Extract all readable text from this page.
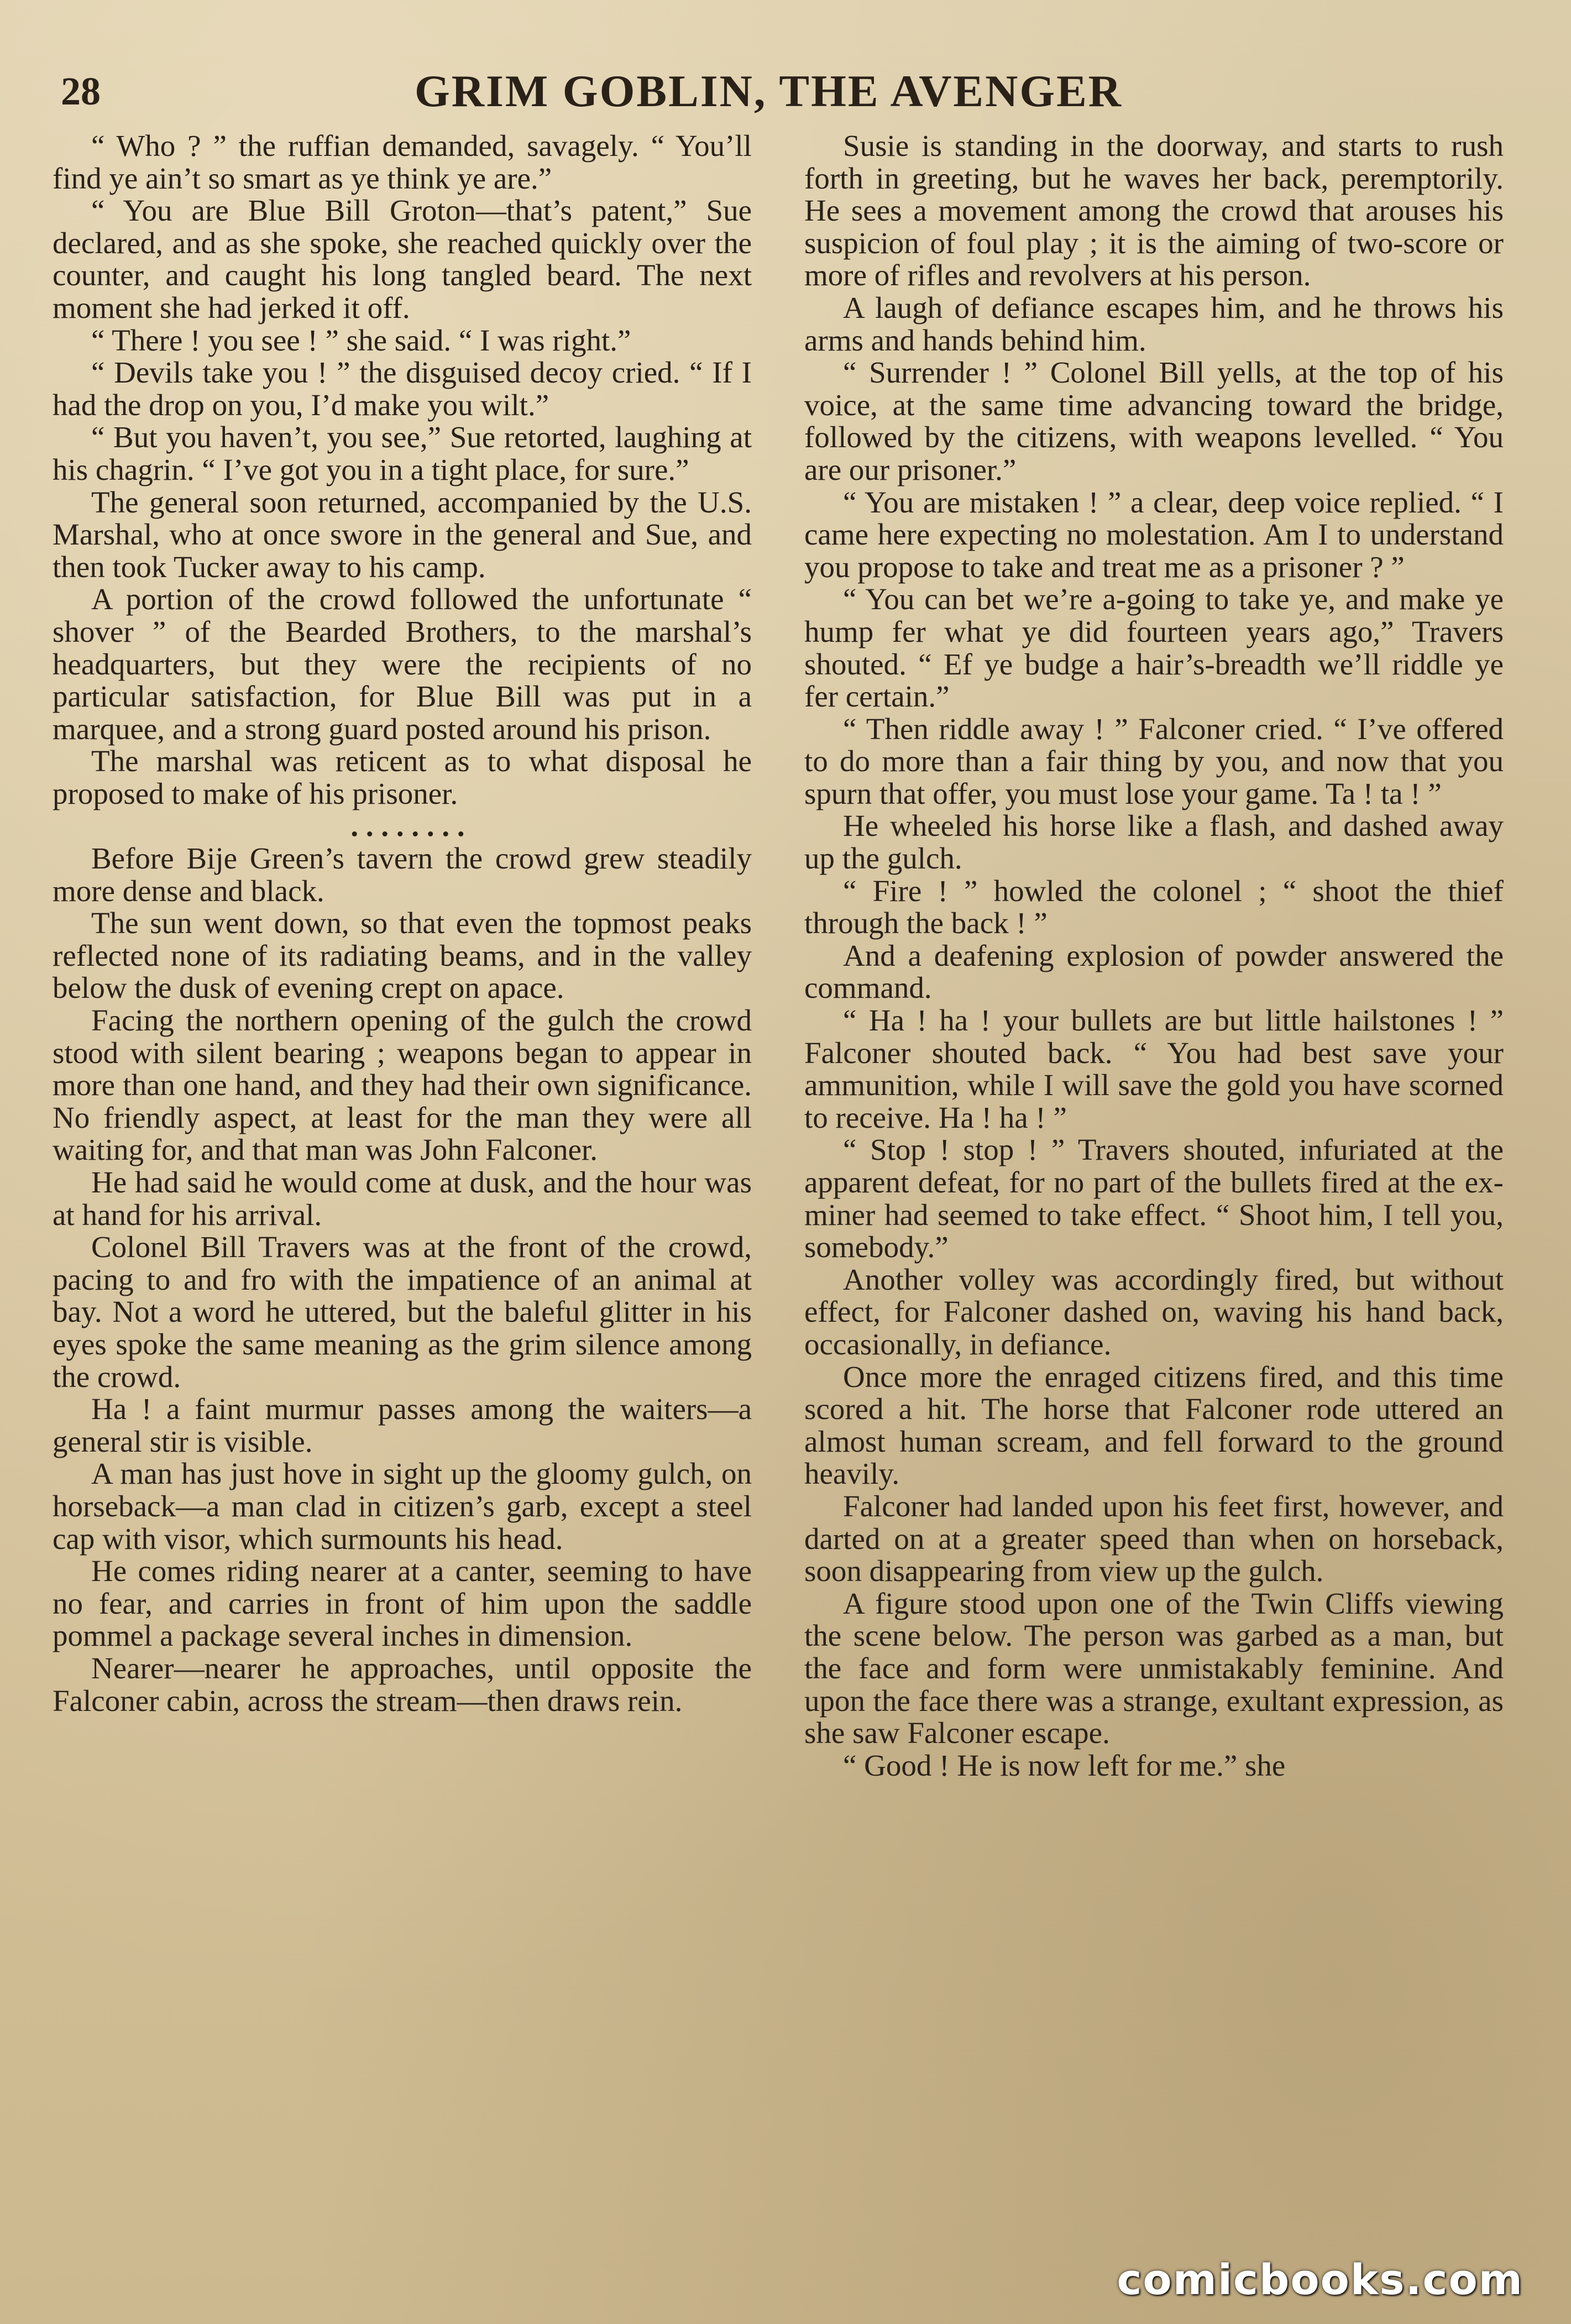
28	GRIM GOBLIN, THE AVENGER

“ Who ? ” the ruffian demanded, savagely. “ You’ll find ye ain’t so smart as ye think ye are.”

“ You are Blue Bill Groton—that’s patent,” Sue declared, and as she spoke, she reached quickly over the counter, and caught his long tangled beard. The next moment she had jerked it off.

“ There ! you see ! ” she said. “ I was right.”

“ Devils take you ! ” the disguised decoy cried. “ If I had the drop on you, I’d make you wilt.”

“ But you haven’t, you see,” Sue retorted, laughing at his chagrin. “ I’ve got you in a tight place, for sure.”

The general soon returned, accompanied by the U.S. Marshal, who at once swore in the general and Sue, and then took Tucker away to his camp.

A portion of the crowd followed the unfortunate “ shover ” of the Bearded Brothers, to the marshal’s headquarters, but they were the recipients of no particular satisfaction, for Blue Bill was put in a marquee, and a strong guard posted around his prison.

The marshal was reticent as to what disposal he proposed to make of his prisoner.

. . . . . . . .

Before Bije Green’s tavern the crowd grew steadily more dense and black.

The sun went down, so that even the topmost peaks reflected none of its radiating beams, and in the valley below the dusk of evening crept on apace.

Facing the northern opening of the gulch the crowd stood with silent bearing ; weapons began to appear in more than one hand, and they had their own significance. No friendly aspect, at least for the man they were all waiting for, and that man was John Falconer.

He had said he would come at dusk, and the hour was at hand for his arrival.

Colonel Bill Travers was at the front of the crowd, pacing to and fro with the impatience of an animal at bay. Not a word he uttered, but the baleful glitter in his eyes spoke the same meaning as the grim silence among the crowd.

Ha ! a faint murmur passes among the waiters—a general stir is visible.

A man has just hove in sight up the gloomy gulch, on horseback—a man clad in citizen’s garb, except a steel cap with visor, which surmounts his head.

He comes riding nearer at a canter, seeming to have no fear, and carries in front of him upon the saddle pommel a package several inches in dimension.

Nearer—nearer he approaches, until opposite the Falconer cabin, across the stream—then draws rein.

Susie is standing in the doorway, and starts to rush forth in greeting, but he waves her back, peremptorily. He sees a movement among the crowd that arouses his suspicion of foul play ; it is the aiming of two-score or more of rifles and revolvers at his person.

A laugh of defiance escapes him, and he throws his arms and hands behind him.

“ Surrender ! ” Colonel Bill yells, at the top of his voice, at the same time advancing toward the bridge, followed by the citizens, with weapons levelled. “ You are our prisoner.”

“ You are mistaken ! ” a clear, deep voice replied. “ I came here expecting no molestation. Am I to understand you propose to take and treat me as a prisoner ? ”

“ You can bet we’re a-going to take ye, and make ye hump fer what ye did fourteen years ago,” Travers shouted. “ Ef ye budge a hair’s-breadth we’ll riddle ye fer certain.”

“ Then riddle away ! ” Falconer cried. “ I’ve offered to do more than a fair thing by you, and now that you spurn that offer, you must lose your game. Ta ! ta ! ”

He wheeled his horse like a flash, and dashed away up the gulch.

“ Fire ! ” howled the colonel ; “ shoot the thief through the back ! ”

And a deafening explosion of powder answered the command.

“ Ha ! ha ! your bullets are but little hailstones ! ” Falconer shouted back. “ You had best save your ammunition, while I will save the gold you have scorned to receive. Ha ! ha ! ”

“ Stop ! stop ! ” Travers shouted, infuriated at the apparent defeat, for no part of the bullets fired at the ex-miner had seemed to take effect. “ Shoot him, I tell you, somebody.”

Another volley was accordingly fired, but without effect, for Falconer dashed on, waving his hand back, occasionally, in defiance.

Once more the enraged citizens fired, and this time scored a hit. The horse that Falconer rode uttered an almost human scream, and fell forward to the ground heavily.

Falconer had landed upon his feet first, however, and darted on at a greater speed than when on horseback, soon disappearing from view up the gulch.

A figure stood upon one of the Twin Cliffs viewing the scene below. The person was garbed as a man, but the face and form were unmistakably feminine. And upon the face there was a strange, exultant expression, as she saw Falconer escape.

“ Good ! He is now left for me.” she

comicbooks.com
